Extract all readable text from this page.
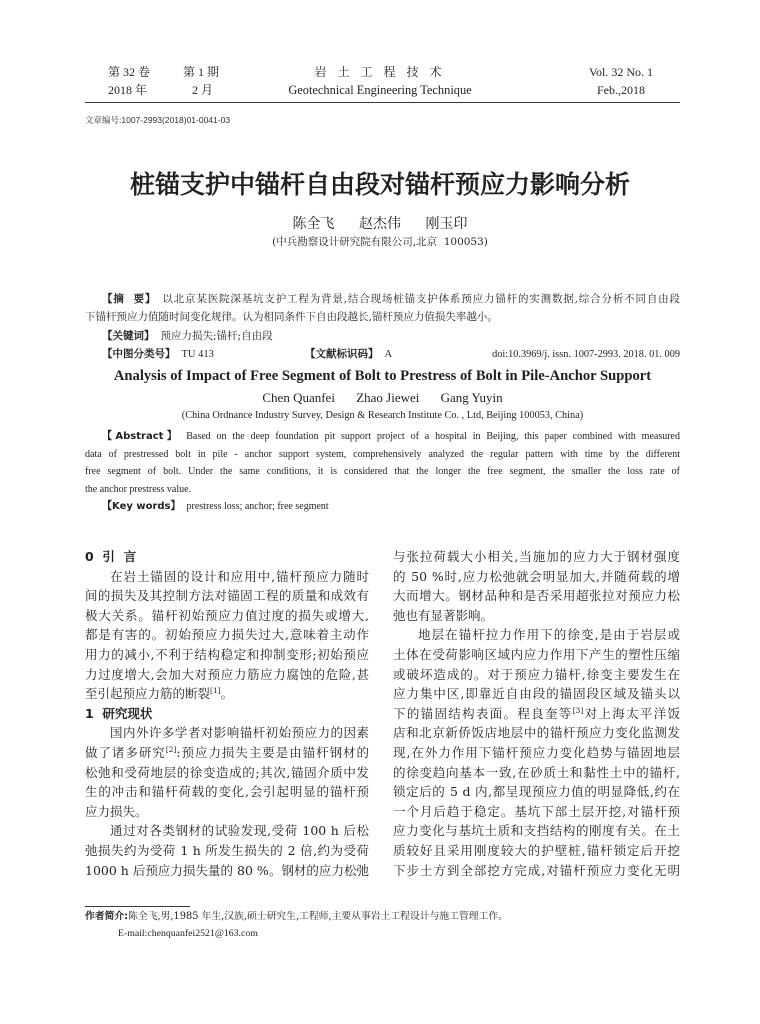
第 32 卷	第 1 期
2018 年	2 月
岩 土 工 程 技 术
Geotechnical Engineering Technique
Vol. 32 No. 1
Feb.,2018
文章编号:1007-2993(2018)01-0041-03
桩锚支护中锚杆自由段对锚杆预应力影响分析
陈全飞 赵杰伟 刚玉印
(中兵勘察设计研究院有限公司,北京  100053)
【摘  要】 以北京某医院深基坑支护工程为背景,结合现场桩锚支护体系预应力锚杆的实测数据,综合分析不同自由段
下锚杆预应力值随时间变化规律。认为相同条件下自由段越长,锚杆预应力值损失率越小。
【关键词】 预应力损失;锚杆;自由段
【中图分类号】 TU 413	【文献标识码】 A	doi:10.3969/j. issn. 1007-2993. 2018. 01. 009
Analysis of Impact of Free Segment of Bolt to Prestress of Bolt in Pile-Anchor Support
Chen Quanfei Zhao Jiewei Gang Yuyin
(China Ordnance Industry Survey, Design & Research Institute Co. , Ltd, Beijing 100053, China)
【Abstract】 Based on the deep foundation pit support project of a hospital in Beijing, this paper combined with measured
data of prestressed bolt in pile - anchor support system, comprehensively analyzed the regular pattern with time by the different
free segment of bolt. Under the same conditions, it is considered that the longer the free segment, the smaller the loss rate of
the anchor prestress value.
【Key words】 prestress loss; anchor; free segment
0  引  言
在岩土锚固的设计和应用中,锚杆预应力随时
间的损失及其控制方法对锚固工程的质量和成效有
极大关系。锚杆初始预应力值过度的损失或增大,
都是有害的。初始预应力损失过大,意味着主动作
用力的减小,不利于结构稳定和抑制变形;初始预应
力过度增大,会加大对预应力筋应力腐蚀的危险,甚
至引起预应力筋的断裂[1]。
1  研究现状
国内外许多学者对影响锚杆初始预应力的因素
做了诸多研究[2]:预应力损失主要是由锚杆钢材的
松弛和受荷地层的徐变造成的;其次,锚固介质中发
生的冲击和锚杆荷载的变化,会引起明显的锚杆预
应力损失。
通过对各类钢材的试验发现,受荷 100 h 后松
弛损失约为受荷 1 h 所发生损失的 2 倍,约为受荷
1000 h 后预应力损失量的 80 %。钢材的应力松弛
与张拉荷载大小相关,当施加的应力大于钢材强度
的 50 %时,应力松弛就会明显加大,并随荷载的增
大而增大。钢材品种和是否采用超张拉对预应力松
弛也有显著影响。
地层在锚杆拉力作用下的徐变,是由于岩层或
土体在受荷影响区域内应力作用下产生的塑性压缩
或破坏造成的。对于预应力锚杆,徐变主要发生在
应力集中区,即靠近自由段的锚固段区域及锚头以
下的锚固结构表面。程良奎等[3]对上海太平洋饭
店和北京新侨饭店地层中的锚杆预应力变化监测发
现,在外力作用下锚杆预应力变化趋势与锚固地层
的徐变趋向基本一致,在砂质土和黏性土中的锚杆,
锁定后的 5 d 内,都呈现预应力值的明显降低,约在
一个月后趋于稳定。基坑下部土层开挖,对锚杆预
应力变化与基坑土质和支挡结构的刚度有关。在土
质较好且采用刚度较大的护壁桩,锚杆锁定后开挖
下步土方到全部挖方完成,对锚杆预应力变化无明
作者简介:陈全飞,男,1985 年生,汉族,硕士研究生,工程师,主要从事岩土工程设计与施工管理工作。
E-mail:chenquanfei2521@163.com
